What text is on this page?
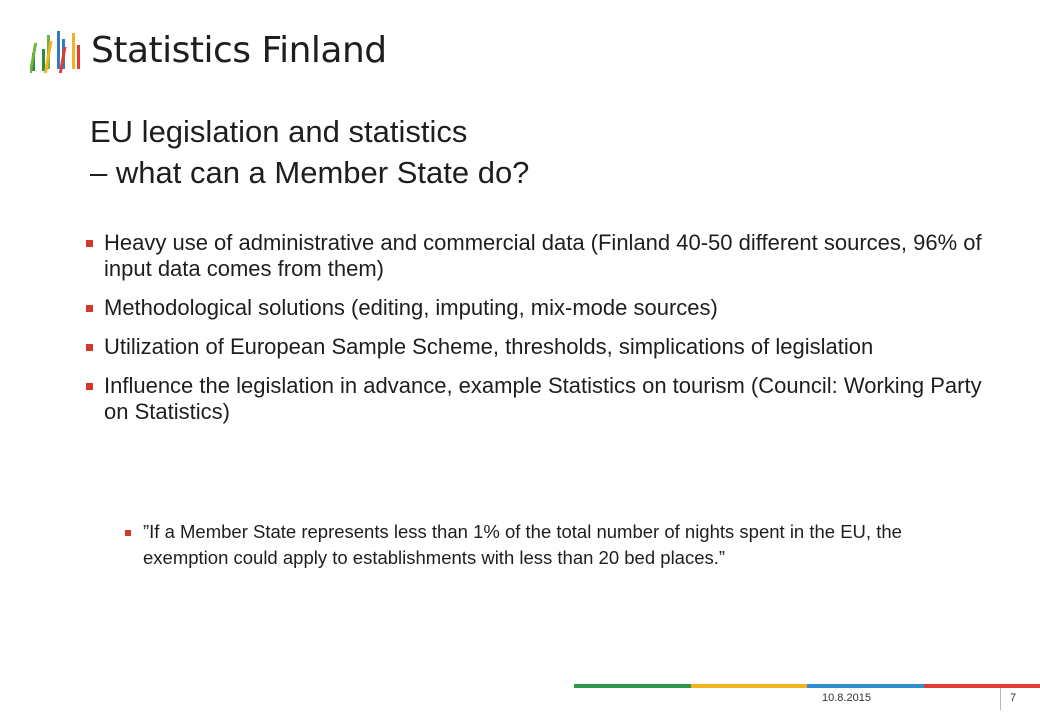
Statistics Finland
EU legislation and statistics
– what can a Member State do?
Heavy use of administrative and commercial data (Finland 40-50 different sources, 96% of input data comes from them)
Methodological solutions (editing, imputing, mix-mode sources)
Utilization of European Sample Scheme, thresholds, simplications of legislation
Influence the legislation in advance, example Statistics on tourism (Council: Working Party on Statistics)
”If a Member State represents less than 1% of the total number of nights spent in the EU, the exemption could apply to establishments with less than 20 bed places.”
10.8.2015	7
